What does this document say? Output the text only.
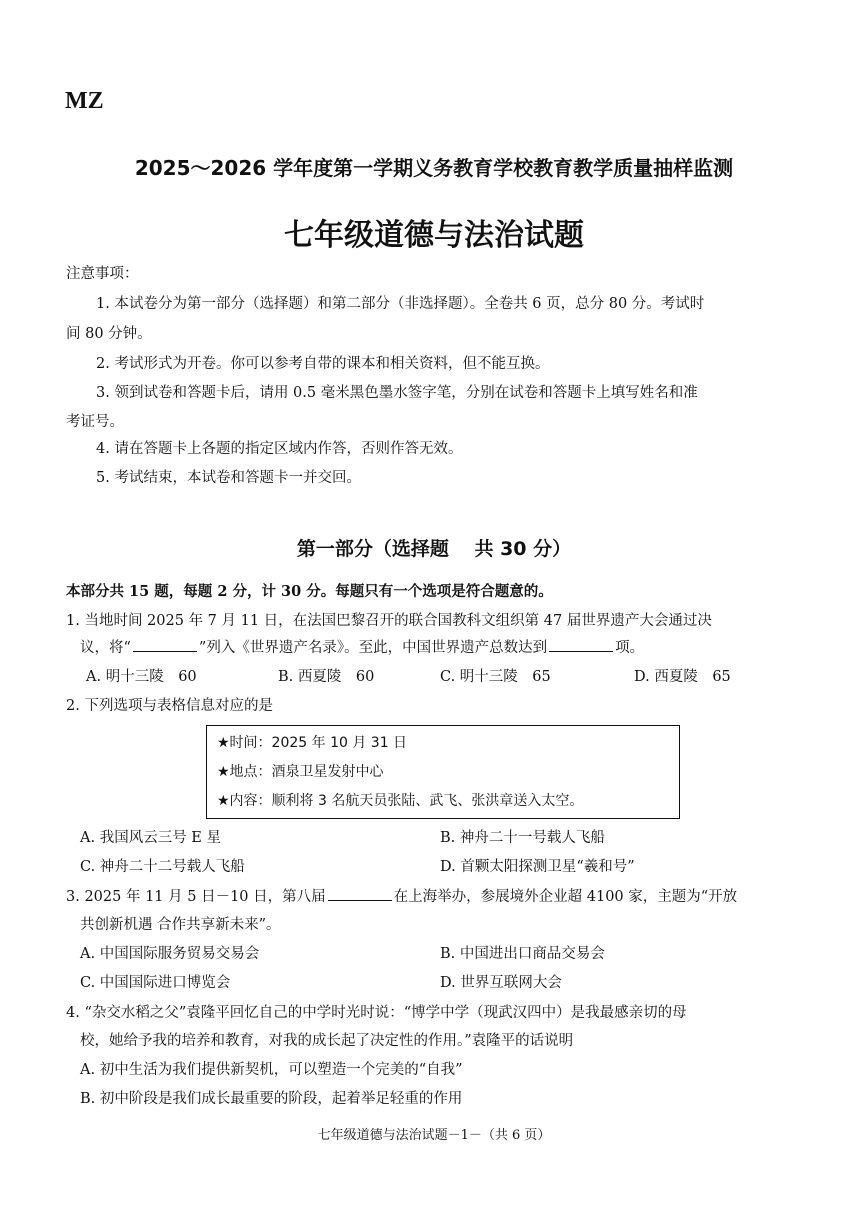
MZ
2025～2026 学年度第一学期义务教育学校教育教学质量抽样监测
七年级道德与法治试题
注意事项：
1. 本试卷分为第一部分（选择题）和第二部分（非选择题）。全卷共 6 页，总分 80 分。考试时
间 80 分钟。
2. 考试形式为开卷。你可以参考自带的课本和相关资料，但不能互换。
3. 领到试卷和答题卡后，请用 0.5 毫米黑色墨水签字笔，分别在试卷和答题卡上填写姓名和准
考证号。
4. 请在答题卡上各题的指定区域内作答，否则作答无效。
5. 考试结束，本试卷和答题卡一并交回。
第一部分（选择题　 共 30 分）
本部分共 15 题，每题 2 分，计 30 分。每题只有一个选项是符合题意的。
1. 当地时间 2025 年 7 月 11 日，在法国巴黎召开的联合国教科文组织第 47 届世界遗产大会通过决
议，将“	”列入《世界遗产名录》。至此，中国世界遗产总数达到	项。
A. 明十三陵　60	B. 西夏陵　60	C. 明十三陵　65	D. 西夏陵　65
2. 下列选项与表格信息对应的是
★时间：2025 年 10 月 31 日
★地点：酒泉卫星发射中心
★内容：顺利将 3 名航天员张陆、武飞、张洪章送入太空。
A. 我国风云三号 E 星	B. 神舟二十一号载人飞船
C. 神舟二十二号载人飞船	D. 首颗太阳探测卫星“羲和号”
3. 2025 年 11 月 5 日－10 日，第八届	在上海举办，参展境外企业超 4100 家，主题为“开放
共创新机遇 合作共享新未来”。
A. 中国国际服务贸易交易会	B. 中国进出口商品交易会
C. 中国国际进口博览会	D. 世界互联网大会
4. “杂交水稻之父”袁隆平回忆自己的中学时光时说：“博学中学（现武汉四中）是我最感亲切的母
校，她给予我的培养和教育，对我的成长起了决定性的作用。”袁隆平的话说明
A. 初中生活为我们提供新契机，可以塑造一个完美的“自我”
B. 初中阶段是我们成长最重要的阶段，起着举足轻重的作用
七年级道德与法治试题－1－（共 6 页）
